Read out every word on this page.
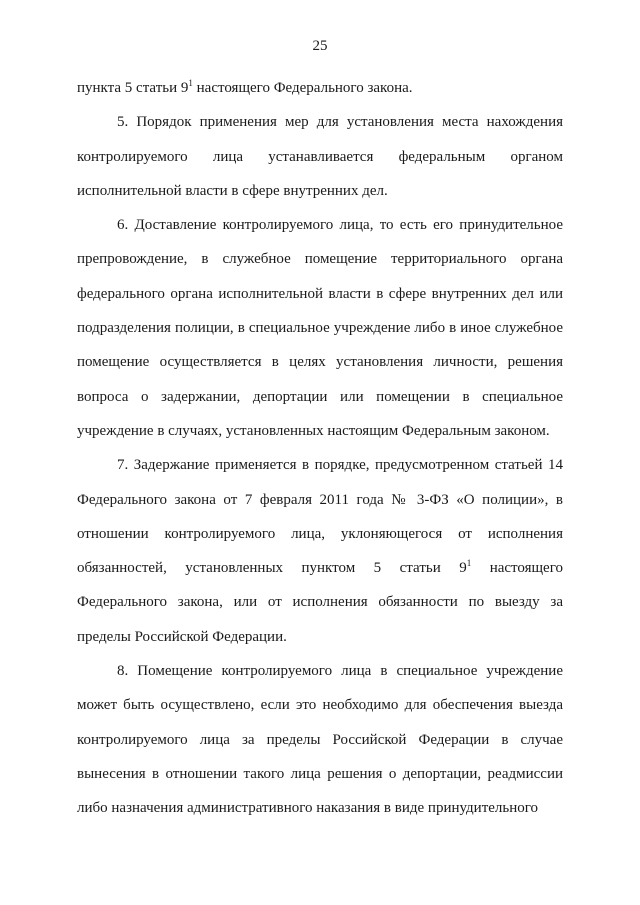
25

пункта 5 статьи $9^1$ настоящего Федерального закона.

5. Порядок применения мер для установления места нахождения контролируемого лица устанавливается федеральным органом исполнительной власти в сфере внутренних дел.

6. Доставление контролируемого лица, то есть его принудительное препровождение, в служебное помещение территориального органа федерального органа исполнительной власти в сфере внутренних дел или подразделения полиции, в специальное учреждение либо в иное служебное помещение осуществляется в целях установления личности, решения вопроса о задержании, депортации или помещении в специальное учреждение в случаях, установленных настоящим Федеральным законом.

7. Задержание применяется в порядке, предусмотренном статьей 14 Федерального закона от 7 февраля 2011 года № 3-ФЗ «О полиции», в отношении контролируемого лица, уклоняющегося от исполнения обязанностей, установленных пунктом 5 статьи $9^1$ настоящего Федерального закона, или от исполнения обязанности по выезду за пределы Российской Федерации.

8. Помещение контролируемого лица в специальное учреждение может быть осуществлено, если это необходимо для обеспечения выезда контролируемого лица за пределы Российской Федерации в случае вынесения в отношении такого лица решения о депортации, реадмиссии либо назначения административного наказания в виде принудительного
